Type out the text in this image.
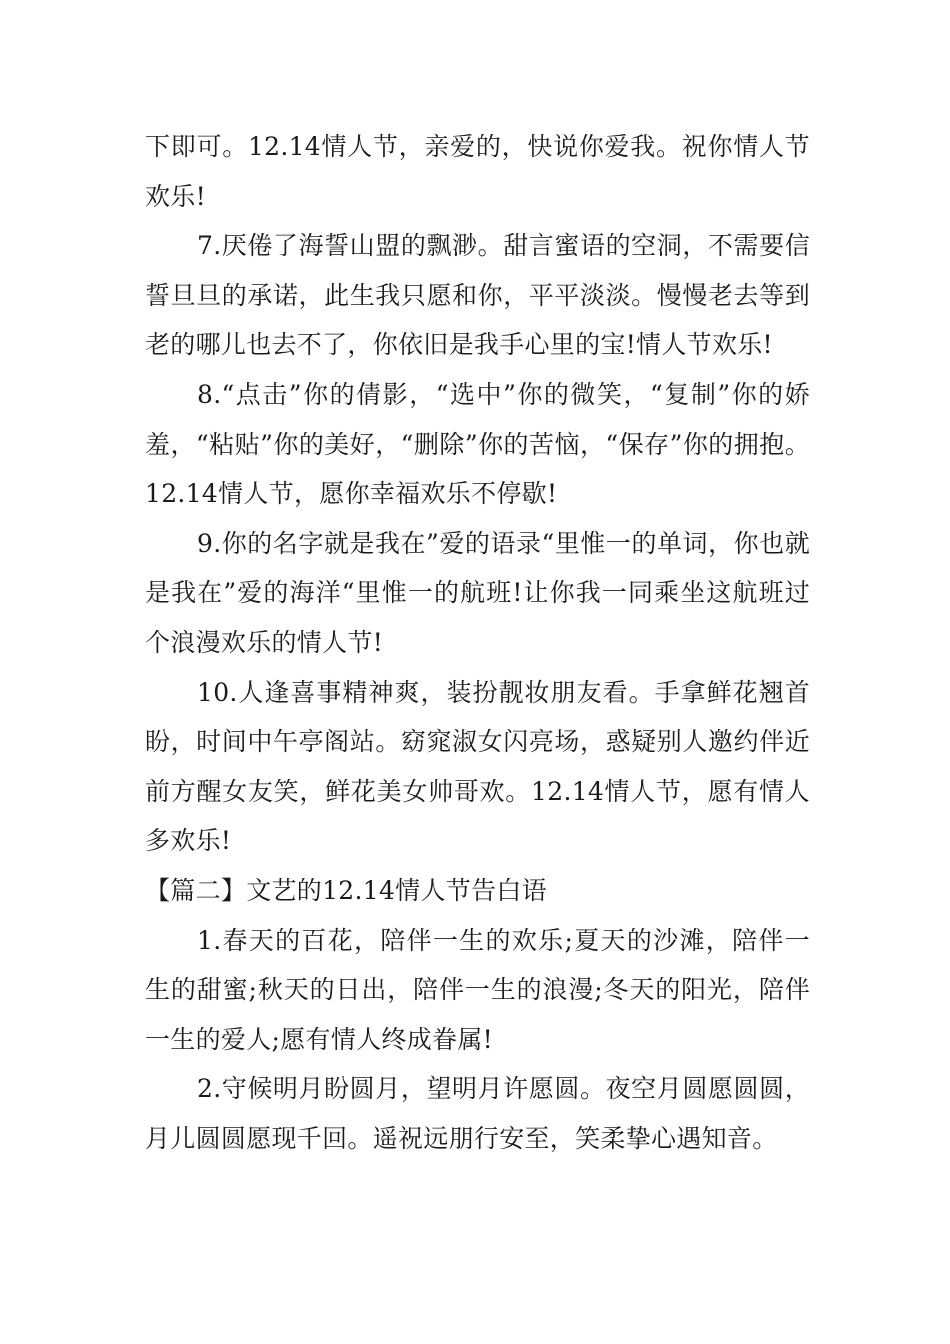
下即可。12.14情人节，亲爱的，快说你爱我。祝你情人节欢乐!

7.厌倦了海誓山盟的飘渺。甜言蜜语的空洞，不需要信誓旦旦的承诺，此生我只愿和你，平平淡淡。慢慢老去等到老的哪儿也去不了，你依旧是我手心里的宝!情人节欢乐!

8.“点击”你的倩影，“选中”你的微笑，“复制”你的娇羞，“粘贴”你的美好，“删除”你的苦恼，“保存”你的拥抱。12.14情人节，愿你幸福欢乐不停歇!

9.你的名字就是我在”爱的语录“里惟一的单词，你也就是我在”爱的海洋“里惟一的航班!让你我一同乘坐这航班过个浪漫欢乐的情人节!

10.人逢喜事精神爽，装扮靓妆朋友看。手拿鲜花翘首盼，时间中午亭阁站。窈窕淑女闪亮场，惑疑别人邀约伴近前方醒女友笑，鲜花美女帅哥欢。12.14情人节，愿有情人多欢乐!

【篇二】文艺的12.14情人节告白语

1.春天的百花，陪伴一生的欢乐;夏天的沙滩，陪伴一生的甜蜜;秋天的日出，陪伴一生的浪漫;冬天的阳光，陪伴一生的爱人;愿有情人终成眷属!

2.守候明月盼圆月，望明月许愿圆。夜空月圆愿圆圆，月儿圆圆愿现千回。遥祝远朋行安至，笑柔挚心遇知音。
